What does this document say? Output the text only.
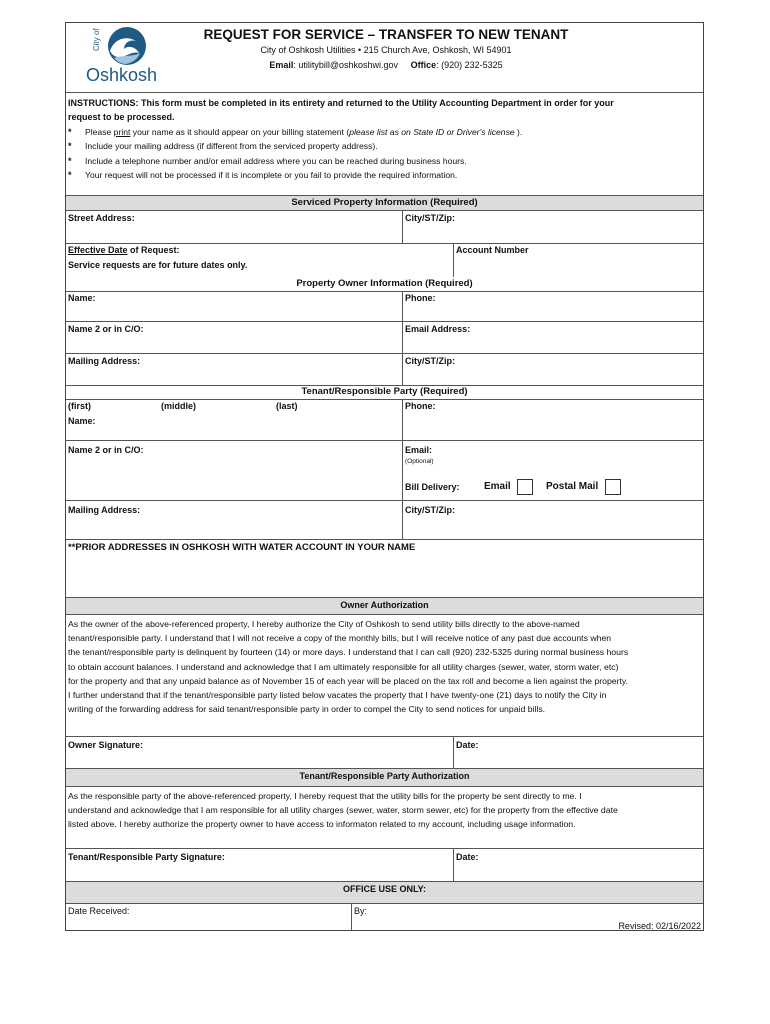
City of
Oshkosh
REQUEST FOR SERVICE – TRANSFER TO NEW TENANT
City of Oshkosh Utilities • 215 Church Ave, Oshkosh, WI 54901
Email: utilitybill@oshkoshwi.gov Office: (920) 232-5325
INSTRUCTIONS: This form must be completed in its entirety and returned to the Utility Accounting Department in order for your
request to be processed.
* Please print your name as it should appear on your billing statement (please list as on State ID or Driver's license ).
* Include your mailing address (if different from the serviced property address).
* Include a telephone number and/or email address where you can be reached during business hours.
* Your request will not be processed if it is incomplete or you fail to provide the required information.
Serviced Property Information (Required)
Street Address:	City/ST/Zip:
Effective Date of Request:
Service requests are for future dates only.
Account Number
Property Owner Information (Required)
Name:	Phone:
Name 2 or in C/O:	Email Address:
Mailing Address:	City/ST/Zip:
Tenant/Responsible Party (Required)
(first)	(middle)	(last)
Name:
Phone:
Name 2 or in C/O:	Email:
(Optional)
Bill Delivery: Email	Postal Mail
Mailing Address:	City/ST/Zip:
**PRIOR ADDRESSES IN OSHKOSH WITH WATER ACCOUNT IN YOUR NAME
Owner Authorization
As the owner of the above-referenced property, I hereby authorize the City of Oshkosh to send utility bills directly to the above-named
tenant/responsible party. I understand that I will not receive a copy of the monthly bills, but I will receive notice of any past due accounts when
the tenant/responsible party is delinquent by fourteen (14) or more days. I understand that I can call (920) 232-5325 during normal business hours
to obtain account balances. I understand and acknowledge that I am ultimately responsible for all utility charges (sewer, water, storm water, etc)
for the property and that any unpaid balance as of November 15 of each year will be placed on the tax roll and become a lien against the property.
I further understand that if the tenant/responsible party listed below vacates the property that I have twenty-one (21) days to notify the City in
writing of the forwarding address for said tenant/responsible party in order to compel the City to send notices for unpaid bills.
Owner Signature:	Date:
Tenant/Responsible Party Authorization
As the responsible party of the above-referenced property, I hereby request that the utility bills for the property be sent directly to me. I
understand and acknowledge that I am responsible for all utility charges (sewer, water, storm sewer, etc) for the property from the effective date
listed above. I hereby authorize the property owner to have access to informaton related to my account, including usage information.
Tenant/Responsible Party Signature:	Date:
OFFICE USE ONLY:
Date Received:	By:
Revised: 02/16/2022
